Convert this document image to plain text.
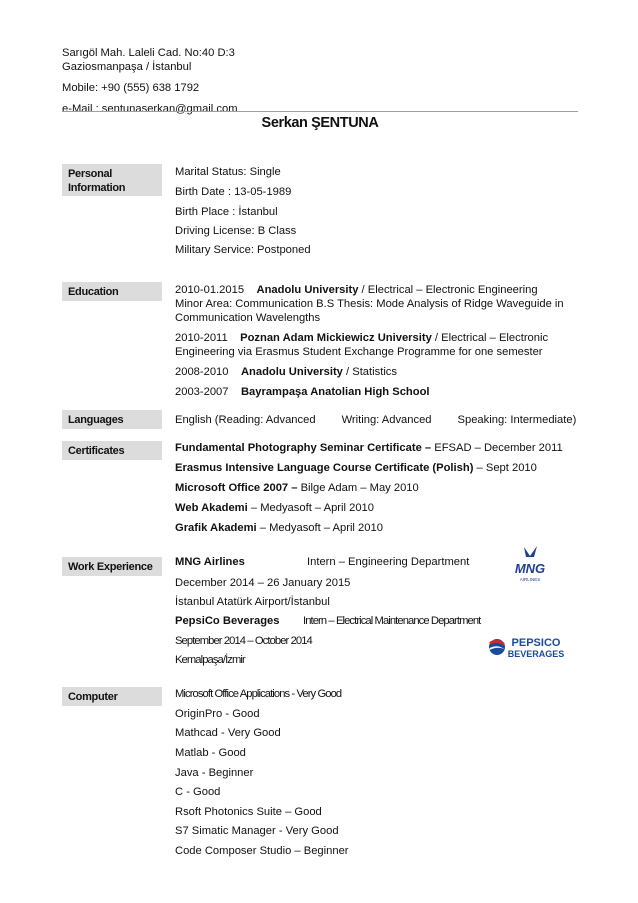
Sarıgöl Mah. Laleli Cad. No:40 D:3
Gaziosmanpaşa / İstanbul
Mobile: +90 (555) 638 1792
e-Mail : sentunaserkan@gmail.com
Serkan ŞENTUNA
Personal Information
Marital Status: Single
Birth Date : 13-05-1989
Birth Place : İstanbul
Driving License: B Class
Military Service: Postponed
Education	2010-01.2015 Anadolu University / Electrical – Electronic Engineering
Minor Area: Communication B.S Thesis: Mode Analysis of Ridge Waveguide in Communication Wavelengths
2010-2011 Poznan Adam Mickiewicz University / Electrical – Electronic Engineering via Erasmus Student Exchange Programme for one semester
2008-2010 Anadolu University / Statistics
2003-2007 Bayrampaşa Anatolian High School
Languages	English (Reading: Advanced Writing: Advanced Speaking: Intermediate)
Certificates	Fundamental Photography Seminar Certificate – EFSAD – December 2011
Erasmus Intensive Language Course Certificate (Polish) – Sept 2010
Microsoft Office 2007 – Bilge Adam – May 2010
Web Akademi – Medyasoft – April 2010
Grafik Akademi – Medyasoft – April 2010
Work Experience	MNG Airlines	Intern – Engineering Department
December 2014 – 26 January 2015
İstanbul Atatürk Airport/İstanbul
PepsiCo Beverages Intern – Electrical Maintenance Department
September 2014 – October 2014
Kemalpaşa/İzmir
MNG
AIRLINES
PEPSICO
BEVERAGES
Computer	Microsoft Office Applications - Very Good
OriginPro - Good
Mathcad - Very Good
Matlab - Good
Java - Beginner
C - Good
Rsoft Photonics Suite – Good
S7 Simatic Manager - Very Good
Code Composer Studio – Beginner
